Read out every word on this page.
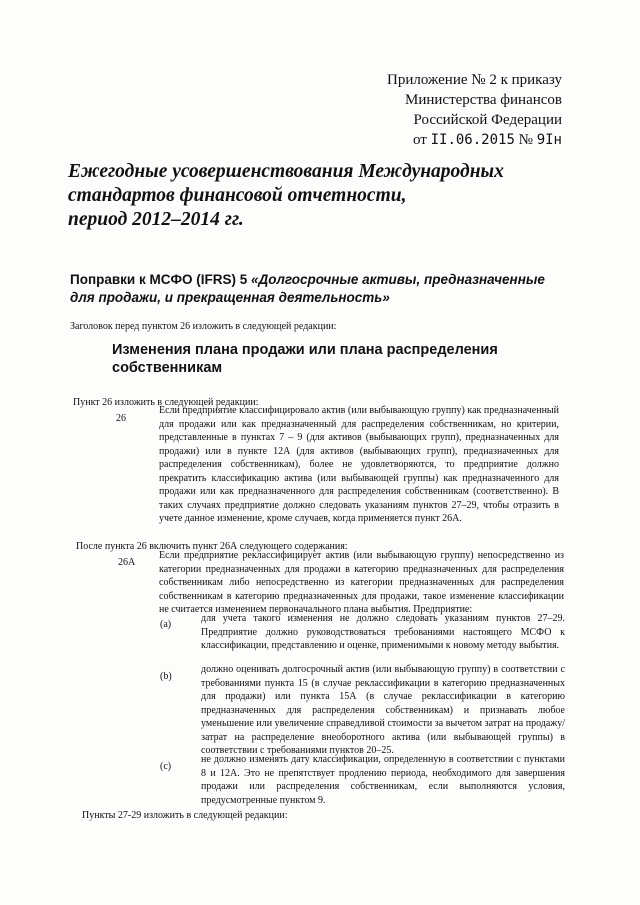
Приложение № 2 к приказу
Министерства финансов
Российской Федерации
от II.06.2015 № 9Iн
Ежегодные усовершенствования Международных
стандартов финансовой отчетности,
период 2012–2014 гг.
Поправки к МСФО (IFRS) 5 «Долгосрочные активы, предназначенные для продажи, и прекращенная деятельность»
Заголовок перед пунктом 26 изложить в следующей редакции:
Изменения плана продажи или плана распределения собственникам
Пункт 26 изложить в следующей редакции:
26
Если предприятие классифицировало актив (или выбывающую группу) как предназначенный для продажи или как предназначенный для распределения собственникам, но критерии, представленные в пунктах 7 – 9 (для активов (выбывающих групп), предназначенных для продажи) или в пункте 12А (для активов (выбывающих групп), предназначенных для распределения собственникам), более не удовлетворяются, то предприятие должно прекратить классификацию актива (или выбывающей группы) как предназначенного для продажи или как предназначенного для распределения собственникам (соответственно). В таких случаях предприятие должно следовать указаниям пунктов 27–29, чтобы отразить в учете данное изменение, кроме случаев, когда применяется пункт 26А.
После пункта 26 включить пункт 26А следующего содержания:
26А
Если предприятие реклассифицирует актив (или выбывающую группу) непосредственно из категории предназначенных для продажи в категорию предназначенных для распределения собственникам либо непосредственно из категории предназначенных для распределения собственникам в категорию предназначенных для продажи, такое изменение классификации не считается изменением первоначального плана выбытия. Предприятие:
(a)
для учета такого изменения не должно следовать указаниям пунктов 27–29. Предприятие должно руководствоваться требованиями настоящего МСФО к классификации, представлению и оценке, применимыми к новому методу выбытия.
(b)
должно оценивать долгосрочный актив (или выбывающую группу) в соответствии с требованиями пункта 15 (в случае реклассификации в категорию предназначенных для продажи) или пункта 15А (в случае реклассификации в категорию предназначенных для распределения собственникам) и признавать любое уменьшение или увеличение справедливой стоимости за вычетом затрат на продажу/затрат на распределение внеоборотного актива (или выбывающей группы) в соответствии с требованиями пунктов 20–25.
(c)
не должно изменять дату классификации, определенную в соответствии с пунктами 8 и 12А. Это не препятствует продлению периода, необходимого для завершения продажи или распределения собственникам, если выполняются условия, предусмотренные пунктом 9.
Пункты 27-29 изложить в следующей редакции:
